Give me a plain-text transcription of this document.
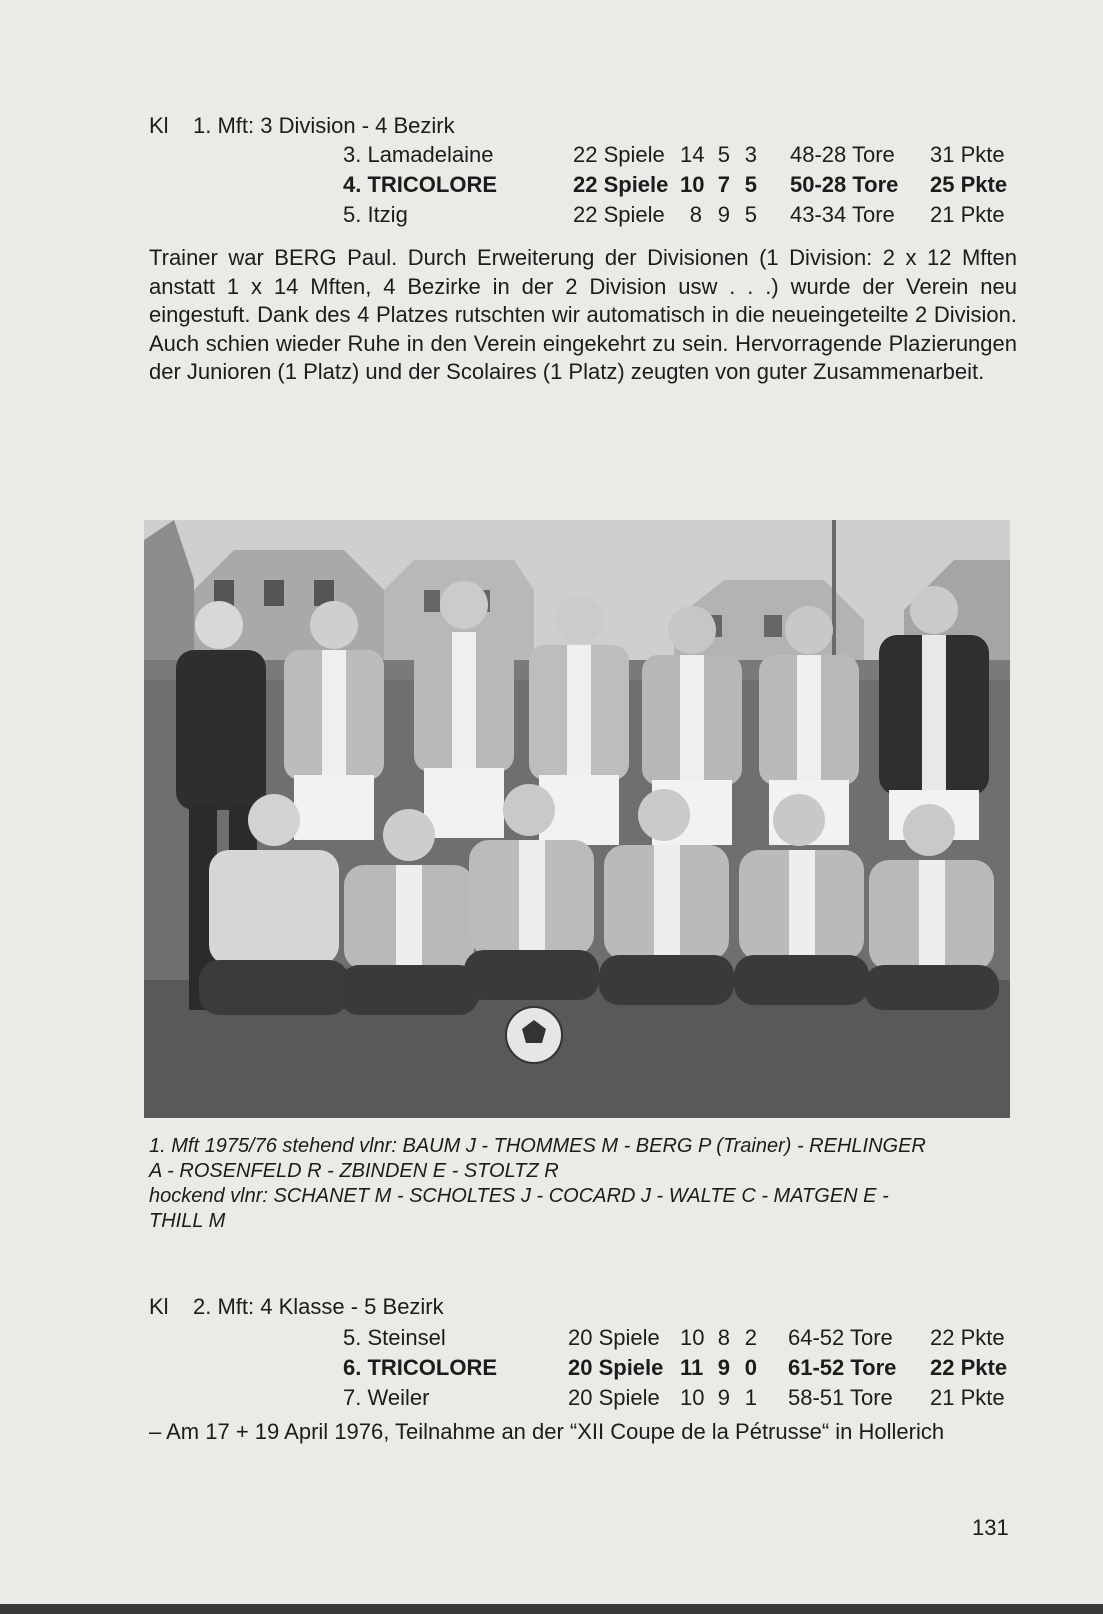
Kl 1. Mft: 3 Division - 4 Bezirk
3. Lamadelaine	22 Spiele 14 5 3 48-28 Tore 31 Pkte
4. TRICOLORE	22 Spiele 10 7 5 50-28 Tore 25 Pkte
5. Itzig	22 Spiele	8 9 5 43-34 Tore 21 Pkte
Trainer war BERG Paul. Durch Erweiterung der Divisionen (1 Division: 2 x 12 Mften anstatt 1 x 14 Mften, 4 Bezirke in der 2 Division usw . . .) wurde der Verein neu eingestuft. Dank des 4 Platzes rutschten wir automatisch in die neueingeteilte 2 Division. Auch schien wieder Ruhe in den Verein eingekehrt zu sein. Hervorragende Plazierungen der Junioren (1 Platz) und der Scolaires (1 Platz) zeugten von guter Zusammenarbeit.
1. Mft 1975/76 stehend vlnr: BAUM J - THOMMES M - BERG P (Trainer) - REHLINGER
A - ROSENFELD R - ZBINDEN E - STOLTZ R
hockend vlnr: SCHANET M - SCHOLTES J - COCARD J - WALTE C - MATGEN E -
THILL M
Kl 2. Mft: 4 Klasse - 5 Bezirk
5. Steinsel	20 Spiele 10 8 2 64-52 Tore 22 Pkte
6. TRICOLORE	20 Spiele 11 9 0 61-52 Tore 22 Pkte
7. Weiler	20 Spiele 10 9 1 58-51 Tore 21 Pkte
– Am 17 + 19 April 1976, Teilnahme an der “XII Coupe de la Pétrusse“ in Hollerich
131
